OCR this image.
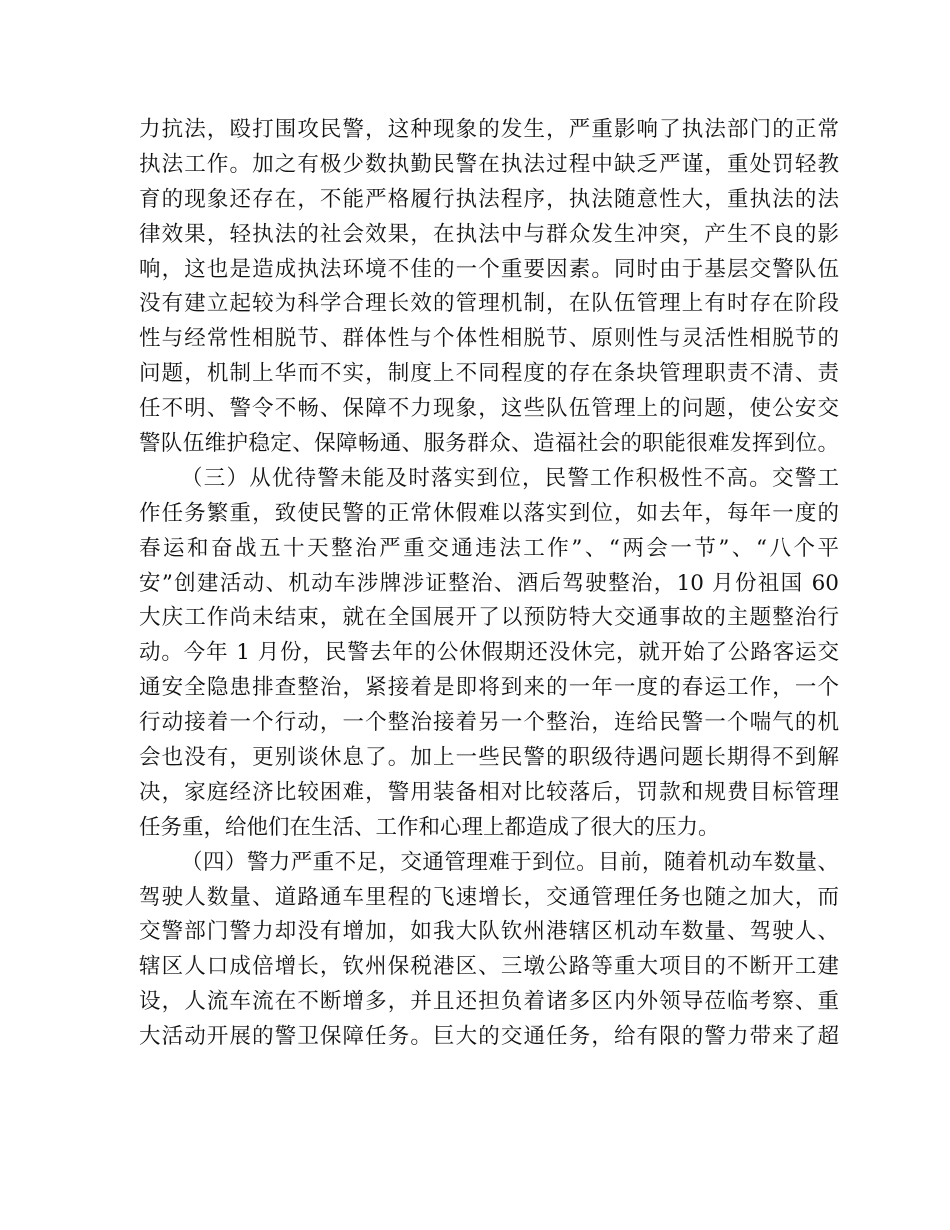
力抗法，殴打围攻民警，这种现象的发生，严重影响了执法部门的正常
执法工作。加之有极少数执勤民警在执法过程中缺乏严谨，重处罚轻教
育的现象还存在，不能严格履行执法程序，执法随意性大，重执法的法
律效果，轻执法的社会效果，在执法中与群众发生冲突，产生不良的影
响，这也是造成执法环境不佳的一个重要因素。同时由于基层交警队伍
没有建立起较为科学合理长效的管理机制，在队伍管理上有时存在阶段
性与经常性相脱节、群体性与个体性相脱节、原则性与灵活性相脱节的
问题，机制上华而不实，制度上不同程度的存在条块管理职责不清、责
任不明、警令不畅、保障不力现象，这些队伍管理上的问题，使公安交
警队伍维护稳定、保障畅通、服务群众、造福社会的职能很难发挥到位。
（三）从优待警未能及时落实到位，民警工作积极性不高。交警工
作任务繁重，致使民警的正常休假难以落实到位，如去年，每年一度的
春运和奋战五十天整治严重交通违法工作”、“两会一节”、“八个平
安”创建活动、机动车涉牌涉证整治、酒后驾驶整治，10 月份祖国 60
大庆工作尚未结束，就在全国展开了以预防特大交通事故的主题整治行
动。今年 1 月份，民警去年的公休假期还没休完，就开始了公路客运交
通安全隐患排查整治，紧接着是即将到来的一年一度的春运工作，一个
行动接着一个行动，一个整治接着另一个整治，连给民警一个喘气的机
会也没有，更别谈休息了。加上一些民警的职级待遇问题长期得不到解
决，家庭经济比较困难，警用装备相对比较落后，罚款和规费目标管理
任务重，给他们在生活、工作和心理上都造成了很大的压力。
（四）警力严重不足，交通管理难于到位。目前，随着机动车数量、
驾驶人数量、道路通车里程的飞速增长，交通管理任务也随之加大，而
交警部门警力却没有增加，如我大队钦州港辖区机动车数量、驾驶人、
辖区人口成倍增长，钦州保税港区、三墩公路等重大项目的不断开工建
设，人流车流在不断增多，并且还担负着诸多区内外领导莅临考察、重
大活动开展的警卫保障任务。巨大的交通任务，给有限的警力带来了超
